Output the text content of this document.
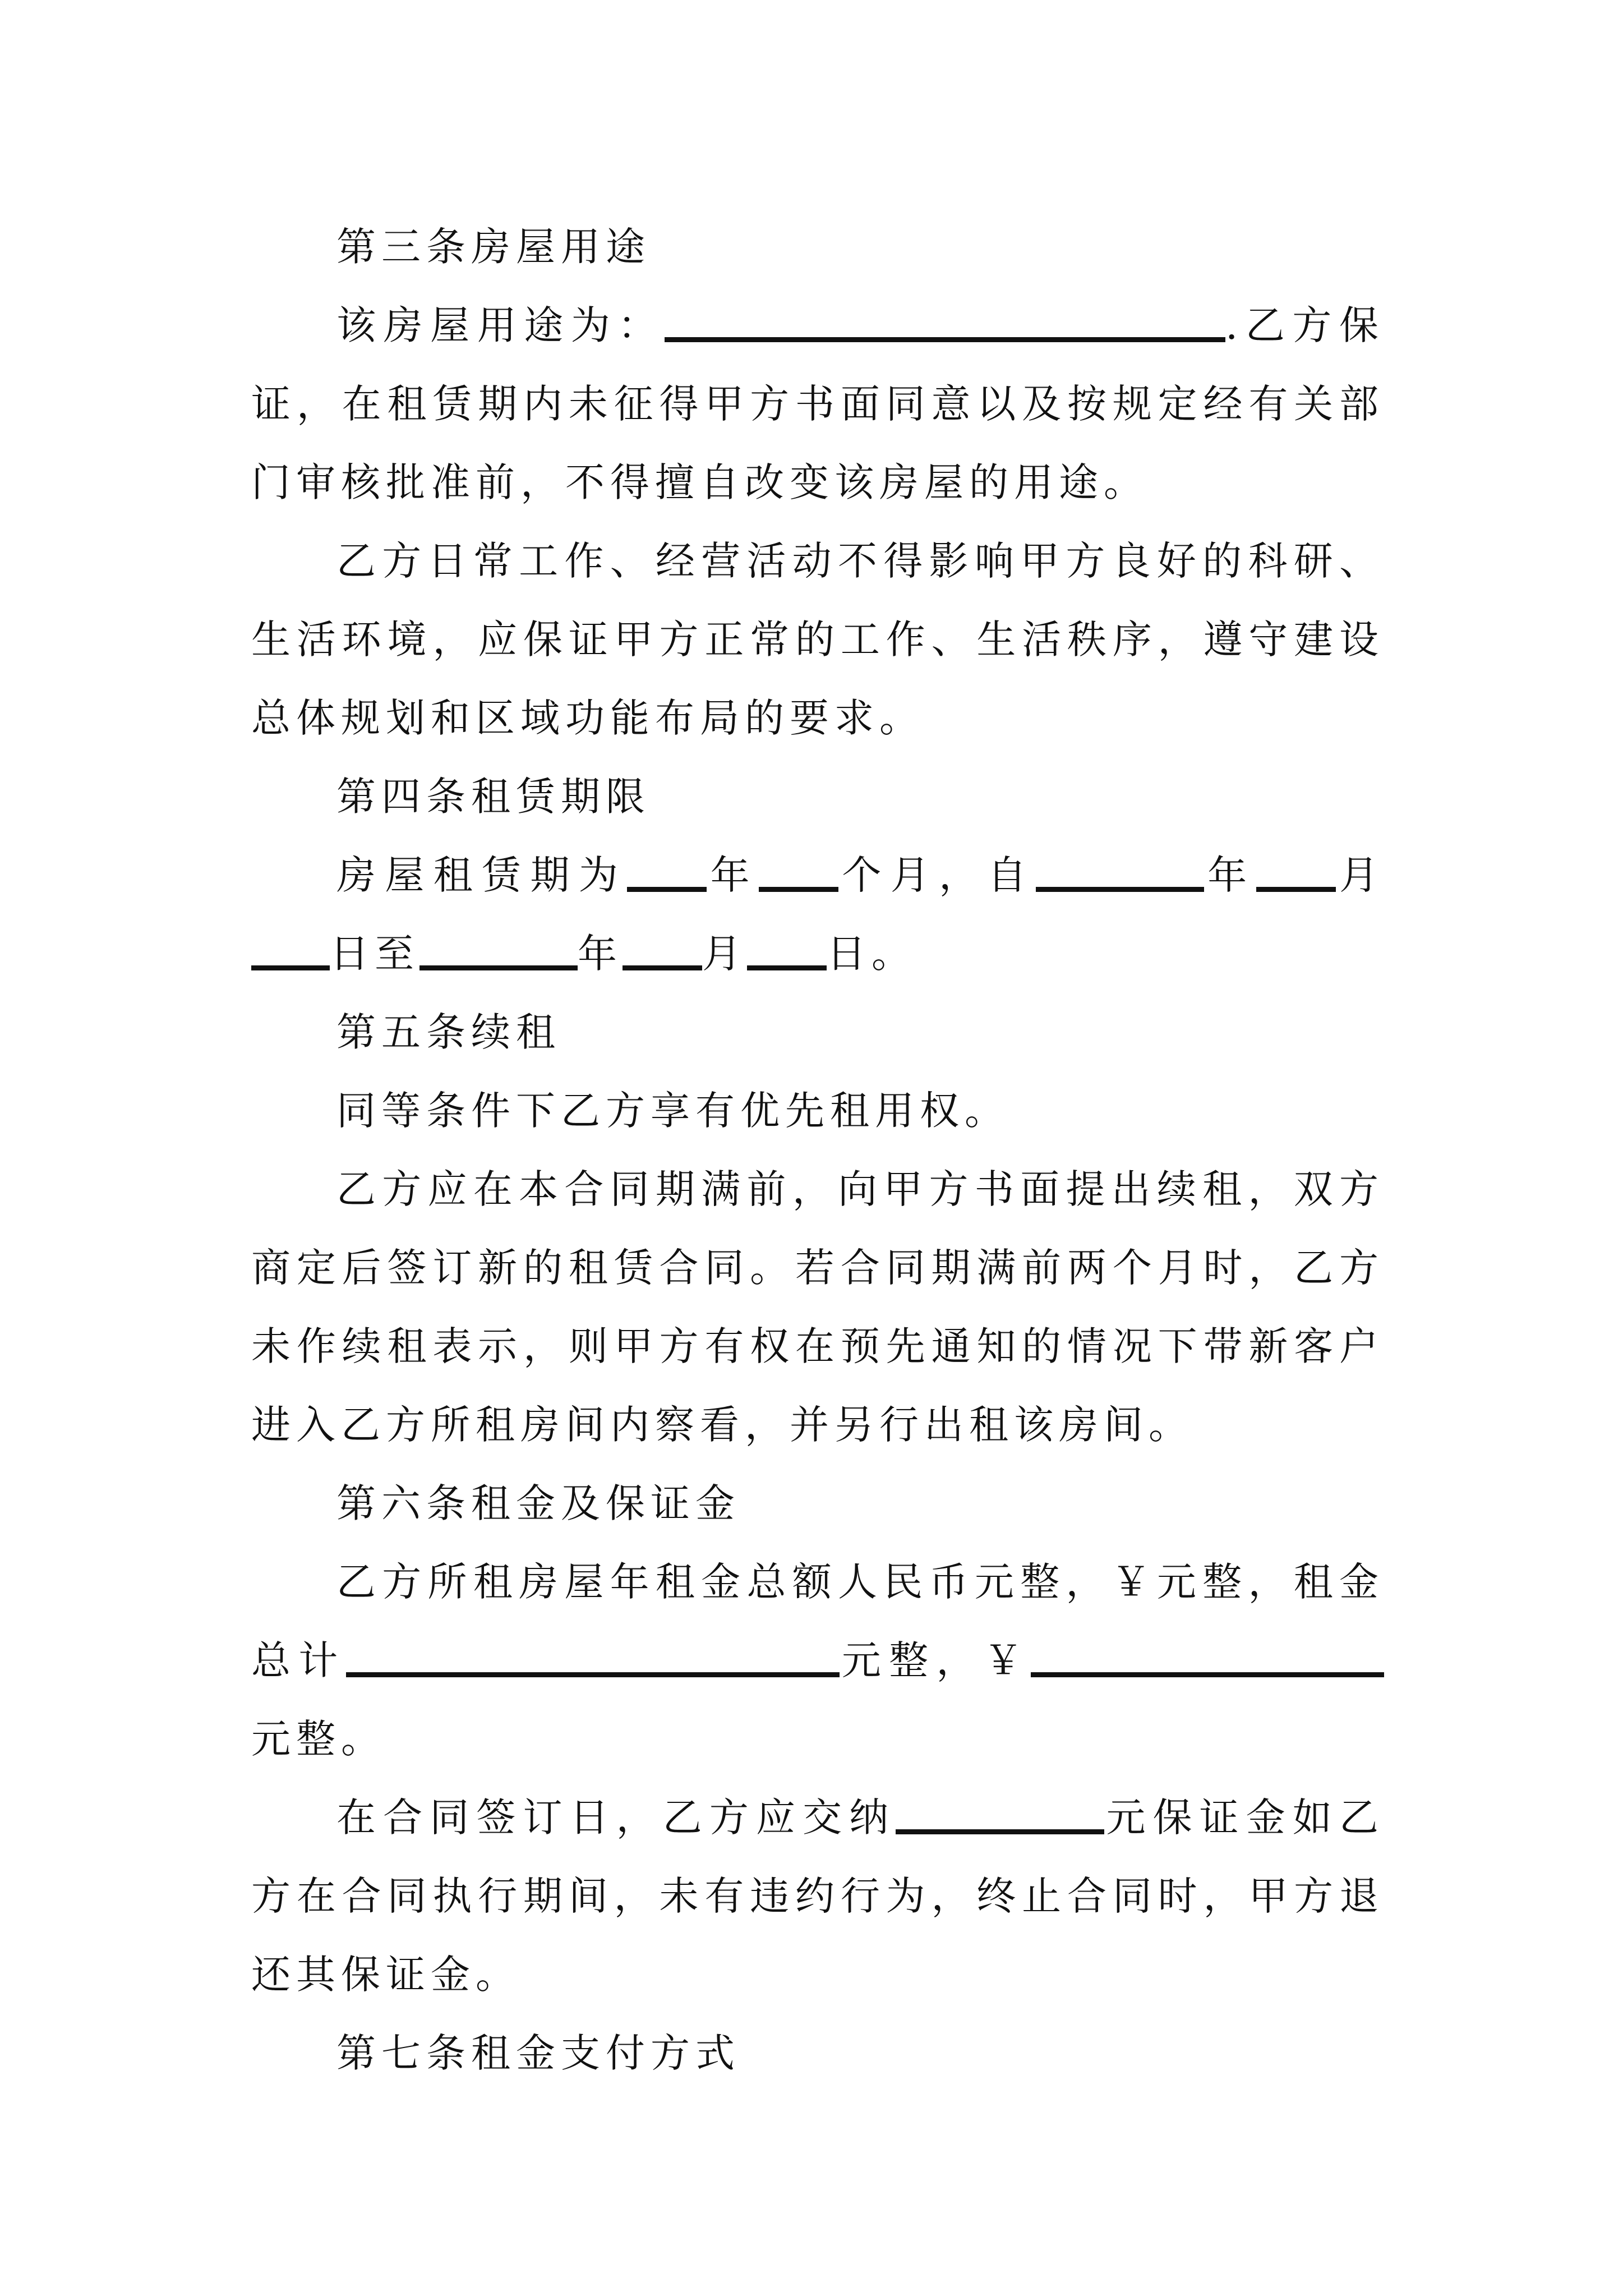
第三条房屋用途

该房屋用途为：	.乙方保证，在租赁期内未征得甲方书面同意以及按规定经有关部门审核批准前，不得擅自改变该房屋的用途。

乙方日常工作、经营活动不得影响甲方良好的科研、生活环境，应保证甲方正常的工作、生活秩序，遵守建设总体规划和区域功能布局的要求。

第四条租赁期限

房屋租赁期为 年 个月，自	年 月日至	年 月 日。

第五条续租

同等条件下乙方享有优先租用权。

乙方应在本合同期满前，向甲方书面提出续租，双方商定后签订新的租赁合同。若合同期满前两个月时，乙方未作续租表示，则甲方有权在预先通知的情况下带新客户进入乙方所租房间内察看，并另行出租该房间。

第六条租金及保证金

乙方所租房屋年租金总额人民币元整，￥元整，租金总计	元整，￥元整。

在合同签订日，乙方应交纳	元保证金如乙方在合同执行期间，未有违约行为，终止合同时，甲方退还其保证金。

第七条租金支付方式
